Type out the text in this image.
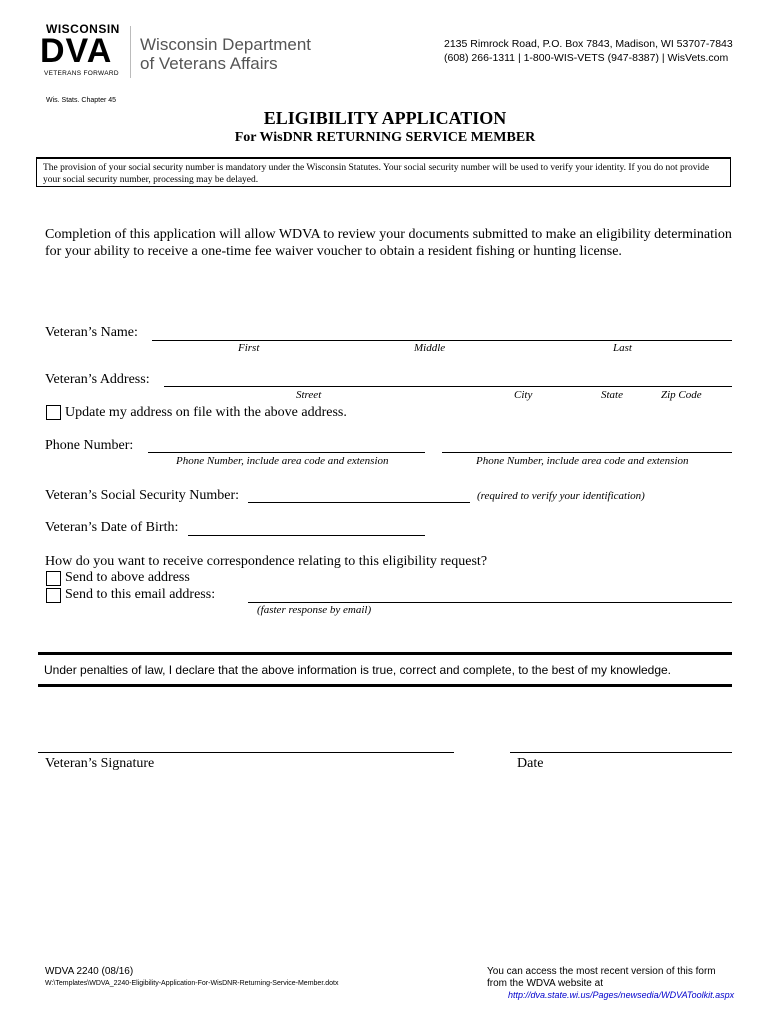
WISCONSIN
DVA
VETERANS FORWARD
Wisconsin Department
of Veterans Affairs
2135 Rimrock Road, P.O. Box 7843, Madison, WI 53707-7843
(608) 266-1311 | 1-800-WIS-VETS (947-8387) | WisVets.com
Wis. Stats. Chapter 45
ELIGIBILITY APPLICATION
For WisDNR RETURNING SERVICE MEMBER
The provision of your social security number is mandatory under the Wisconsin Statutes. Your social security number will be used to verify your identity. If you do not provide your social security number, processing may be delayed.
Completion of this application will allow WDVA to review your documents submitted to make an eligibility determination for your ability to receive a one-time fee waiver voucher to obtain a resident fishing or hunting license.
Veteran’s Name:
First	Middle	Last
Veteran’s Address:
Street	City	State	Zip Code
Update my address on file with the above address.
Phone Number:
Phone Number, include area code and extension	Phone Number, include area code and extension
Veteran’s Social Security Number:	(required to verify your identification)
Veteran’s Date of Birth:
How do you want to receive correspondence relating to this eligibility request?
Send to above address
Send to this email address:
(faster response by email)
Under penalties of law, I declare that the above information is true, correct and complete, to the best of my knowledge.
Veteran’s Signature	Date
WDVA 2240 (08/16)
W:\Templates\WDVA_2240-Eligibility-Application-For-WisDNR-Returning-Service-Member.dotx
You can access the most recent version of this form
from the WDVA website at
http://dva.state.wi.us/Pages/newsedia/WDVAToolkit.aspx
